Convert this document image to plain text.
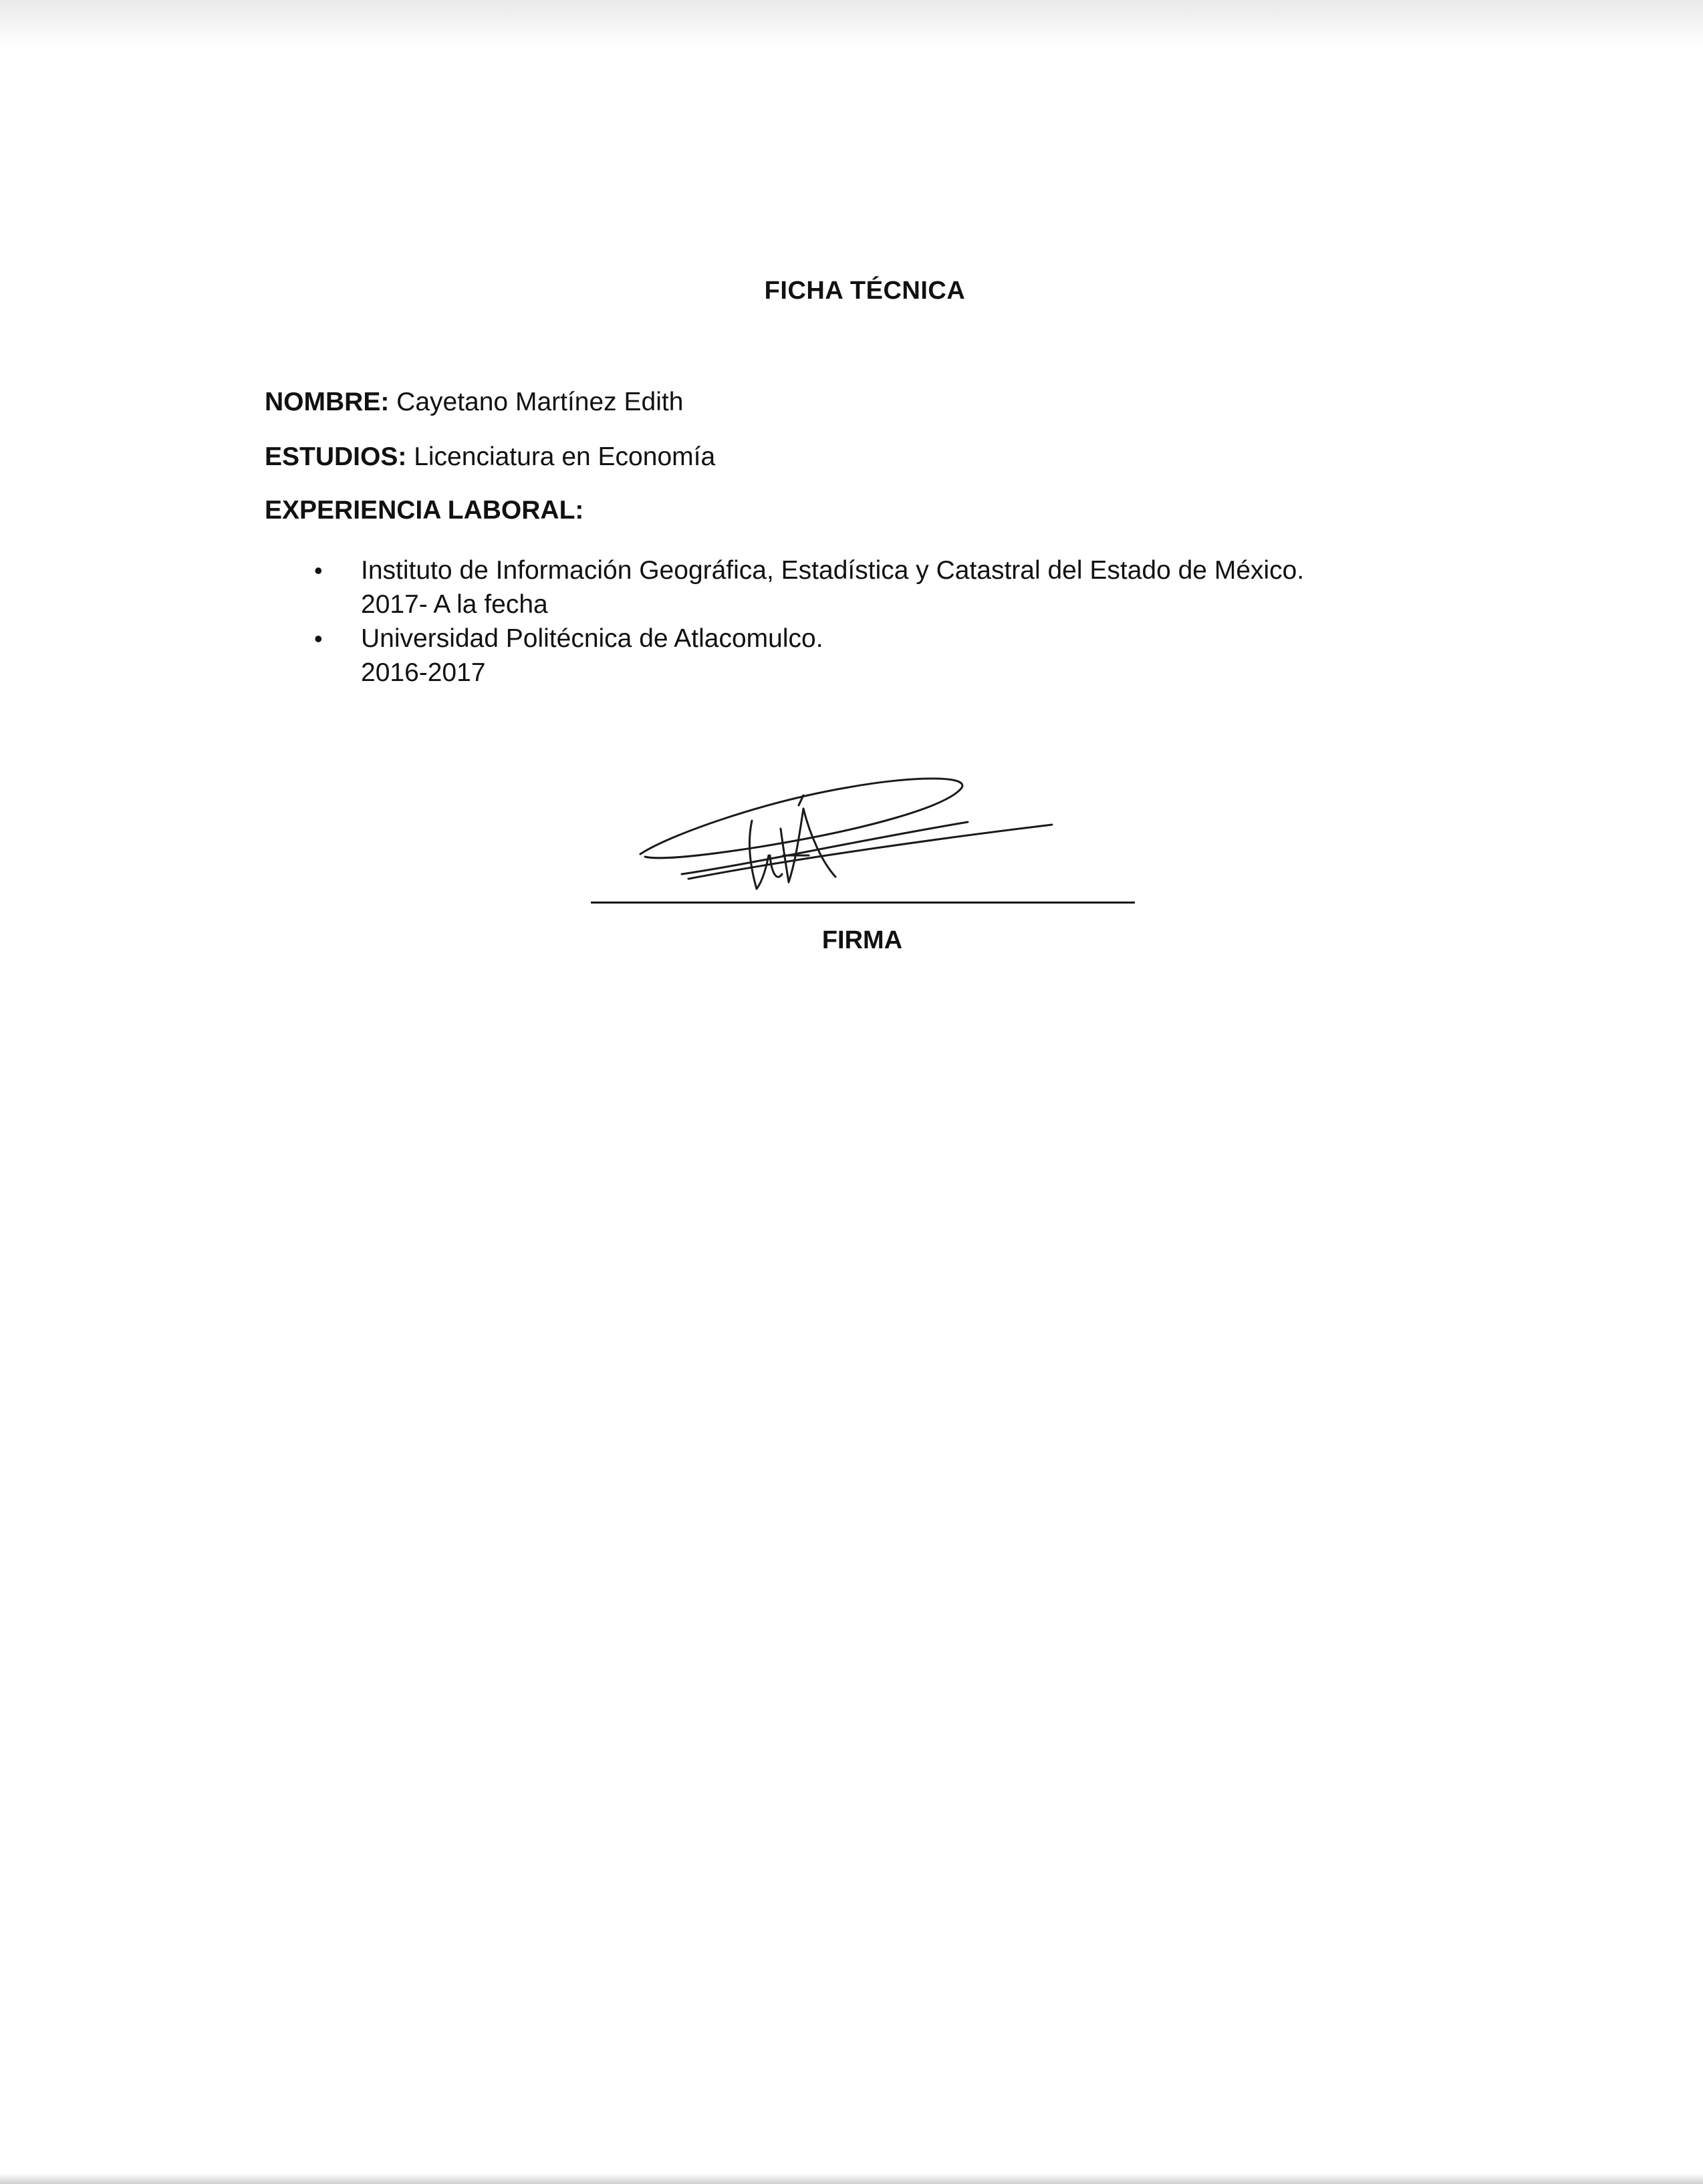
FICHA TÉCNICA
NOMBRE: Cayetano Martínez Edith
ESTUDIOS: Licenciatura en Economía
EXPERIENCIA LABORAL:
• Instituto de Información Geográfica, Estadística y Catastral del Estado de México.
2017- A la fecha
• Universidad Politécnica de Atlacomulco.
2016-2017
FIRMA
